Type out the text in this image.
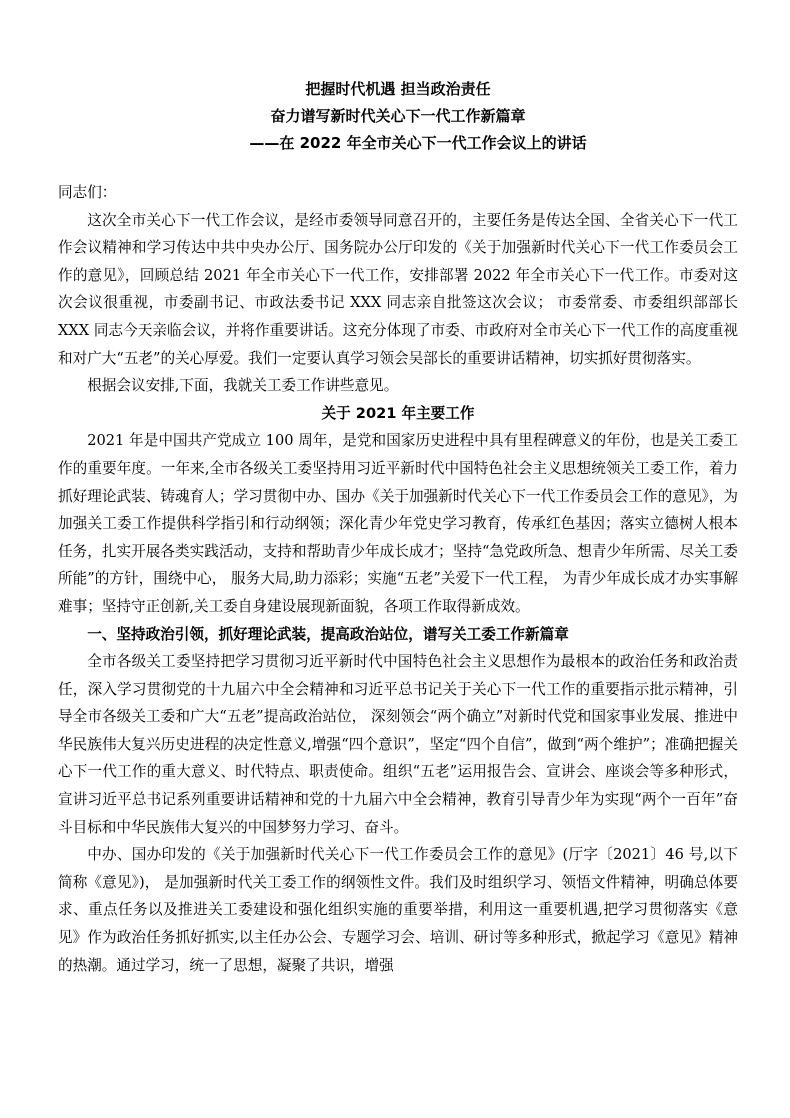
把握时代机遇 担当政治责任
奋力谱写新时代关心下一代工作新篇章
——在 2022 年全市关心下一代工作会议上的讲话

同志们：

这次全市关心下一代工作会议，是经市委领导同意召开的，主要任务是传达全国、全省关心下一代工作会议精神和学习传达中共中央办公厅、国务院办公厅印发的《关于加强新时代关心下一代工作委员会工作的意见》，回顾总结 2021 年全市关心下一代工作，安排部署 2022 年全市关心下一代工作。市委对这次会议很重视，市委副书记、市政法委书记 XXX 同志亲自批签这次会议； 市委常委、市委组织部部长 XXX 同志今天亲临会议，并将作重要讲话。这充分体现了市委、市政府对全市关心下一代工作的高度重视和对广大“五老”的关心厚爱。我们一定要认真学习领会吴部长的重要讲话精神，切实抓好贯彻落实。

根据会议安排,下面，我就关工委工作讲些意见。

关于 2021 年主要工作

2021 年是中国共产党成立 100 周年，是党和国家历史进程中具有里程碑意义的年份，也是关工委工作的重要年度。一年来,全市各级关工委坚持用习近平新时代中国特色社会主义思想统领关工委工作，着力抓好理论武装、铸魂育人；学习贯彻中办、国办《关于加强新时代关心下一代工作委员会工作的意见》，为加强关工委工作提供科学指引和行动纲领；深化青少年党史学习教育，传承红色基因；落实立德树人根本任务，扎实开展各类实践活动，支持和帮助青少年成长成才；坚持“急党政所急、想青少年所需、尽关工委所能”的方针，围绕中心， 服务大局,助力添彩；实施“五老”关爱下一代工程， 为青少年成长成才办实事解难事；坚持守正创新,关工委自身建设展现新面貌，各项工作取得新成效。

一、坚持政治引领，抓好理论武装，提高政治站位，谱写关工委工作新篇章

全市各级关工委坚持把学习贯彻习近平新时代中国特色社会主义思想作为最根本的政治任务和政治责任，深入学习贯彻党的十九届六中全会精神和习近平总书记关于关心下一代工作的重要指示批示精神，引导全市各级关工委和广大“五老”提高政治站位， 深刻领会“两个确立”对新时代党和国家事业发展、推进中华民族伟大复兴历史进程的决定性意义,增强“四个意识”，坚定“四个自信”，做到“两个维护”；准确把握关心下一代工作的重大意义、时代特点、职责使命。组织“五老”运用报告会、宣讲会、座谈会等多种形式，宣讲习近平总书记系列重要讲话精神和党的十九届六中全会精神，教育引导青少年为实现“两个一百年”奋斗目标和中华民族伟大复兴的中国梦努力学习、奋斗。

中办、国办印发的《关于加强新时代关心下一代工作委员会工作的意见》(厅字〔2021〕46 号,以下简称《意见》)， 是加强新时代关工委工作的纲领性文件。我们及时组织学习、领悟文件精神，明确总体要求、重点任务以及推进关工委建设和强化组织实施的重要举措，利用这一重要机遇,把学习贯彻落实《意见》作为政治任务抓好抓实,以主任办公会、专题学习会、培训、研讨等多种形式，掀起学习《意见》精神的热潮。通过学习，统一了思想，凝聚了共识，增强
